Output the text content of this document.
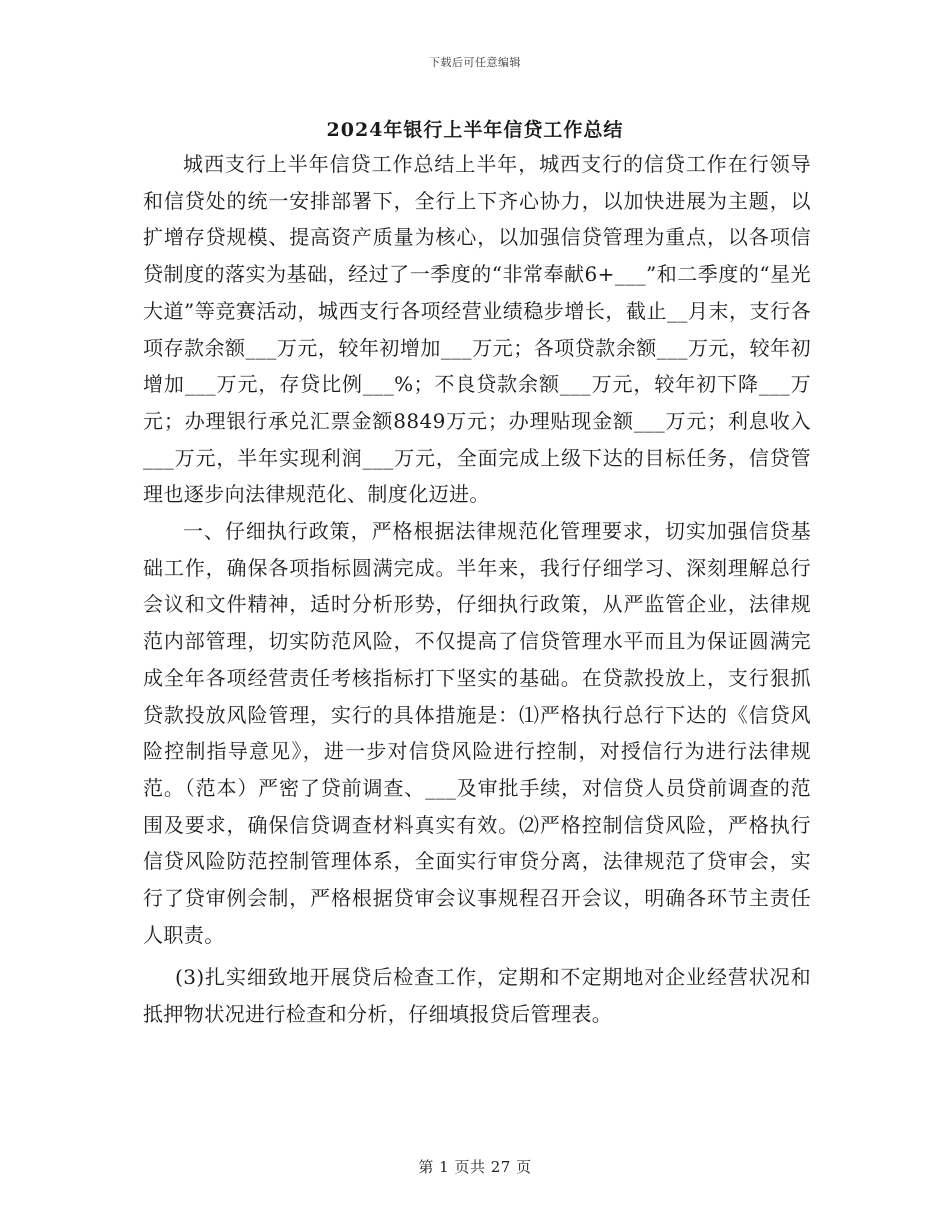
下载后可任意编辑
2024年银行上半年信贷工作总结

城西支行上半年信贷工作总结上半年，城西支行的信贷工作在行领导和信贷处的统一安排部署下，全行上下齐心协力，以加快进展为主题，以扩增存贷规模、提高资产质量为核心，以加强信贷管理为重点，以各项信贷制度的落实为基础，经过了一季度的“非常奉献6+___”和二季度的“星光大道”等竞赛活动，城西支行各项经营业绩稳步增长，截止__月末，支行各项存款余额___万元，较年初增加___万元；各项贷款余额___万元，较年初增加___万元，存贷比例___%；不良贷款余额___万元，较年初下降___万元；办理银行承兑汇票金额8849万元；办理贴现金额___万元；利息收入___万元，半年实现利润___万元，全面完成上级下达的目标任务，信贷管理也逐步向法律规范化、制度化迈进。

一、仔细执行政策，严格根据法律规范化管理要求，切实加强信贷基础工作，确保各项指标圆满完成。半年来，我行仔细学习、深刻理解总行会议和文件精神，适时分析形势，仔细执行政策，从严监管企业，法律规范内部管理，切实防范风险，不仅提高了信贷管理水平而且为保证圆满完成全年各项经营责任考核指标打下坚实的基础。在贷款投放上，支行狠抓贷款投放风险管理，实行的具体措施是：⑴严格执行总行下达的《信贷风险控制指导意见》，进一步对信贷风险进行控制，对授信行为进行法律规范。（范本）严密了贷前调查、___及审批手续，对信贷人员贷前调查的范围及要求，确保信贷调查材料真实有效。⑵严格控制信贷风险，严格执行信贷风险防范控制管理体系，全面实行审贷分离，法律规范了贷审会，实行了贷审例会制，严格根据贷审会议事规程召开会议，明确各环节主责任人职责。

(3)扎实细致地开展贷后检查工作，定期和不定期地对企业经营状况和抵押物状况进行检查和分析，仔细填报贷后管理表。

第 1 页共 27 页
